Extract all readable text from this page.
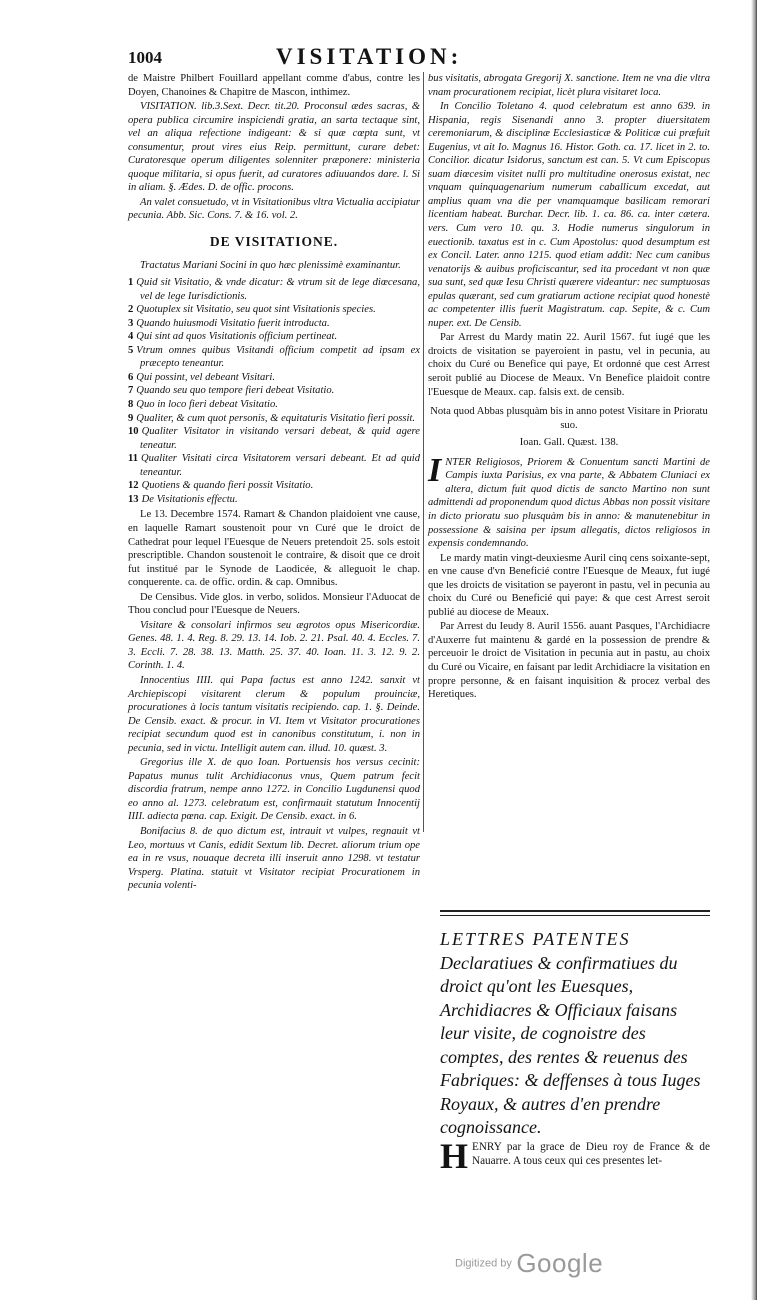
1004	VISITATION:

de Maistre Philbert Fouillard appellant comme d'abus, contre les Doyen, Chanoines & Chapitre de Mascon, inthimez.

VISITATION. lib.3.Sext. Decr. tit.20. Proconsul ædes sacras, & opera publica circumire inspiciendi gratia, an sarta tectaque sint, vel an aliqua refectione indigeant: & si quæ cœpta sunt, vt consumentur, prout vires eius Reip. permittunt, curare debet: Curatoresque operum diligentes solenniter præponere: ministeria quoque militaria, si opus fuerit, ad curatores adiuuandos dare. l. Si in aliam. §. Ædes. D. de offic. procons.

An valet consuetudo, vt in Visitationibus vltra Victualia accipiatur pecunia. Abb. Sic. Cons. 7. & 16. vol. 2.

DE VISITATIONE.

Tractatus Mariani Socini in quo hæc plenissimè examinantur.

1 Quid sit Visitatio, & vnde dicatur: & vtrum sit de lege diœcesana, vel de lege Iurisdictionis.
2 Quotuplex sit Visitatio, seu quot sint Visitationis species.
3 Quando huiusmodi Visitatio fuerit introducta.
4 Qui sint ad quos Visitationis officium pertineat.
5 Vtrum omnes quibus Visitandi officium competit ad ipsam ex præcepto teneantur.
6 Qui possint, vel debeant Visitari.
7 Quando seu quo tempore fieri debeat Visitatio.
8 Quo in loco fieri debeat Visitatio.
9 Qualiter, & cum quot personis, & equitaturis Visitatio fieri possit.
10 Qualiter Visitator in visitando versari debeat, & quid agere teneatur.
11 Qualiter Visitati circa Visitatorem versari debeant. Et ad quid teneantur.
12 Quotiens & quando fieri possit Visitatio.
13 De Visitationis effectu.

Le 13. Decembre 1574. Ramart & Chandon plaidoient vne cause, en laquelle Ramart soustenoit pour vn Curé que le droict de Cathedrat pour lequel l'Euesque de Neuers pretendoit 25. sols estoit prescriptible. Chandon soustenoit le contraire, & disoit que ce droit fut institué par le Synode de Laodicée, & alleguoit le chap. conquerente. ca. de offic. ordin. & cap. Omnibus.

De Censibus. Vide glos. in verbo, solidos. Monsieur l'Aduocat de Thou conclud pour l'Euesque de Neuers.

Visitare & consolari infirmos seu ægrotos opus Misericordiæ. Genes. 48. 1. 4. Reg. 8. 29. 13. 14. Iob. 2. 21. Psal. 40. 4. Eccles. 7. 3. Eccli. 7. 28. 38. 13. Matth. 25. 37. 40. Ioan. 11. 3. 12. 9. 2. Corinth. 1. 4.

Innocentius IIII. qui Papa factus est anno 1242. sanxit vt Archiepiscopi visitarent clerum & populum prouinciæ, procurationes à locis tantum visitatis recipiendo. cap. 1. §. Deinde. De Censib. exact. & procur. in VI. Item vt Visitator procurationes recipiat secundum quod est in canonibus constitutum, i. non in pecunia, sed in victu. Intelligit autem can. illud. 10. quæst. 3.

Gregorius ille X. de quo Ioan. Portuensis hos versus cecinit: Papatus munus tulit Archidiaconus vnus, Quem patrum fecit discordia fratrum, nempe anno 1272. in Concilio Lugdunensi quod eo anno al. 1273. celebratum est, confirmauit statutum Innocentij IIII. adiecta pœna. cap. Exigit. De Censib. exact. in 6.

Bonifacius 8. de quo dictum est, intrauit vt vulpes, regnauit vt Leo, mortuus vt Canis, edidit Sextum lib. Decret. aliorum trium ope ea in re vsus, nouaque decreta illi inseruit anno 1298. vt testatur Vrsperg. Platina. statuit vt Visitator recipiat Procurationem in pecunia volenti-

bus visitatis, abrogata Gregorij X. sanctione. Item ne vna die vltra vnam procurationem recipiat, licèt plura visitaret loca.

In Concilio Toletano 4. quod celebratum est anno 639. in Hispania, regis Sisenandi anno 3. propter diuersitatem ceremoniarum, & disciplinæ Ecclesiasticæ & Politicæ cui præfuit Eugenius, vt ait Io. Magnus 16. Histor. Goth. ca. 17. licet in 2. to. Concilior. dicatur Isidorus, sanctum est can. 5. Vt cum Episcopus suam diœcesim visitet nulli pro multitudine onerosus existat, nec vnquam quinquagenarium numerum caballicum excedat, aut amplius quam vna die per vnamquamque basilicam remorari licentiam habeat. Burchar. Decr. lib. 1. ca. 86. ca. inter cætera. vers. Cum vero 10. qu. 3. Hodie numerus singulorum in euectionib. taxatus est in c. Cum Apostolus: quod desumptum est ex Concil. Later. anno 1215. quod etiam addit: Nec cum canibus venatorijs & auibus proficiscantur, sed ita procedant vt non quæ sua sunt, sed quæ Iesu Christi quærere videantur: nec sumptuosas epulas quærant, sed cum gratiarum actione recipiat quod honestè ac competenter illis fuerit Magistratum. cap. Sepite, & c. Cum nuper. ext. De Censib.

Par Arrest du Mardy matin 22. Auril 1567. fut iugé que les droicts de visitation se payeroient in pastu, vel in pecunia, au choix du Curé ou Benefice qui paye, Et ordonné que cest Arrest seroit publié au Diocese de Meaux. Vn Benefice plaidoit contre l'Euesque de Meaux. cap. falsis ext. de censib.

Nota quod Abbas plusquàm bis in anno potest Visitare in Prioratu suo.

Ioan. Gall. Quæst. 138.

INTER Religiosos, Priorem & Conuentum sancti Martini de Campis iuxta Parisius, ex vna parte, & Abbatem Cluniaci ex altera, dictum fuit quod dictis de sancto Martino non sunt admittendi ad proponendum quod dictus Abbas non possit visitare in dicto prioratu suo plusquàm bis in anno: & manutenebitur in possessione & saisina per ipsum allegatis, dictos religiosos in expensis condemnando.

Le mardy matin vingt-deuxiesme Auril cinq cens soixante-sept, en vne cause d'vn Beneficié contre l'Euesque de Meaux, fut iugé que les droicts de visitation se payeront in pastu, vel in pecunia au choix du Curé ou Beneficié qui paye: & que cest Arrest seroit publié au diocese de Meaux.

Par Arrest du Ieudy 8. Auril 1556. auant Pasques, l'Archidiacre d'Auxerre fut maintenu & gardé en la possession de prendre & perceuoir le droict de Visitation in pecunia aut in pastu, au choix du Curé ou Vicaire, en faisant par ledit Archidiacre la visitation en propre personne, & en faisant inquisition & procez verbal des Heretiques.

LETTRES PATENTES Declaratiues & confirmatiues du droict qu'ont les Euesques, Archidiacres & Officiaux faisans leur visite, de cognoistre des comptes, des rentes & reuenus des Fabriques: & deffenses à tous Iuges Royaux, & autres d'en prendre cognoissance.
HENRY par la grace de Dieu roy de France & de Nauarre. A tous ceux qui ces presentes let-
Digitized by Google
